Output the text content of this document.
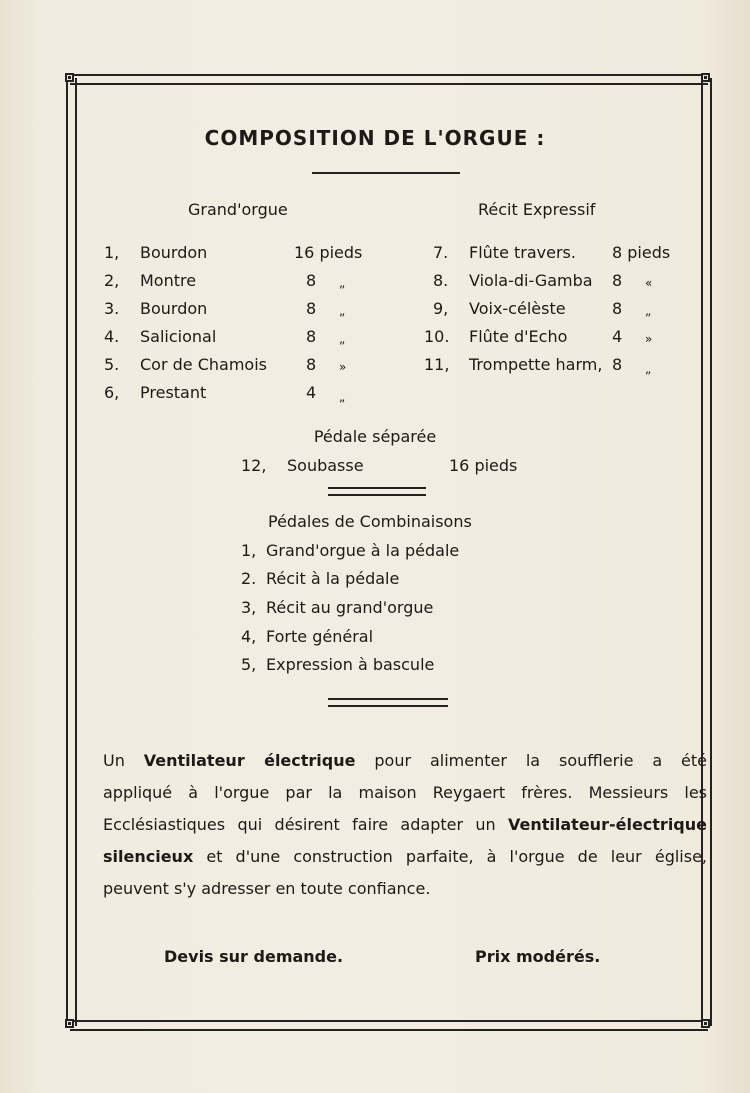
COMPOSITION DE L'ORGUE :
Grand'orgue	Récit Expressif
1, Bourdon	16 pieds
2, Montre	8 „
3. Bourdon	8 „
4. Salicional	8 „
5. Cor de Chamois 8 »
6, Prestant	4 „
7. Flûte travers. 8 pieds
8. Viola-di-Gamba 8 «
9, Voix-célèste	8 „
10. Flûte d'Echo	4 »
11, Trompette harm, 8 „
Pédale séparée
12, Soubasse	16 pieds
Pédales de Combinaisons
1, Grand'orgue à la pédale
2. Récit à la pédale
3, Récit au grand'orgue
4, Forte général
5, Expression à bascule
Un Ventilateur électrique pour alimenter la soufflerie a été
appliqué à l'orgue par la maison Reygaert frères. Messieurs les
Ecclésiastiques qui désirent faire adapter un Ventilateur-électrique
silencieux et d'une construction parfaite, à l'orgue de leur église,
peuvent s'y adresser en toute confiance.
Devis sur demande.	Prix modérés.
